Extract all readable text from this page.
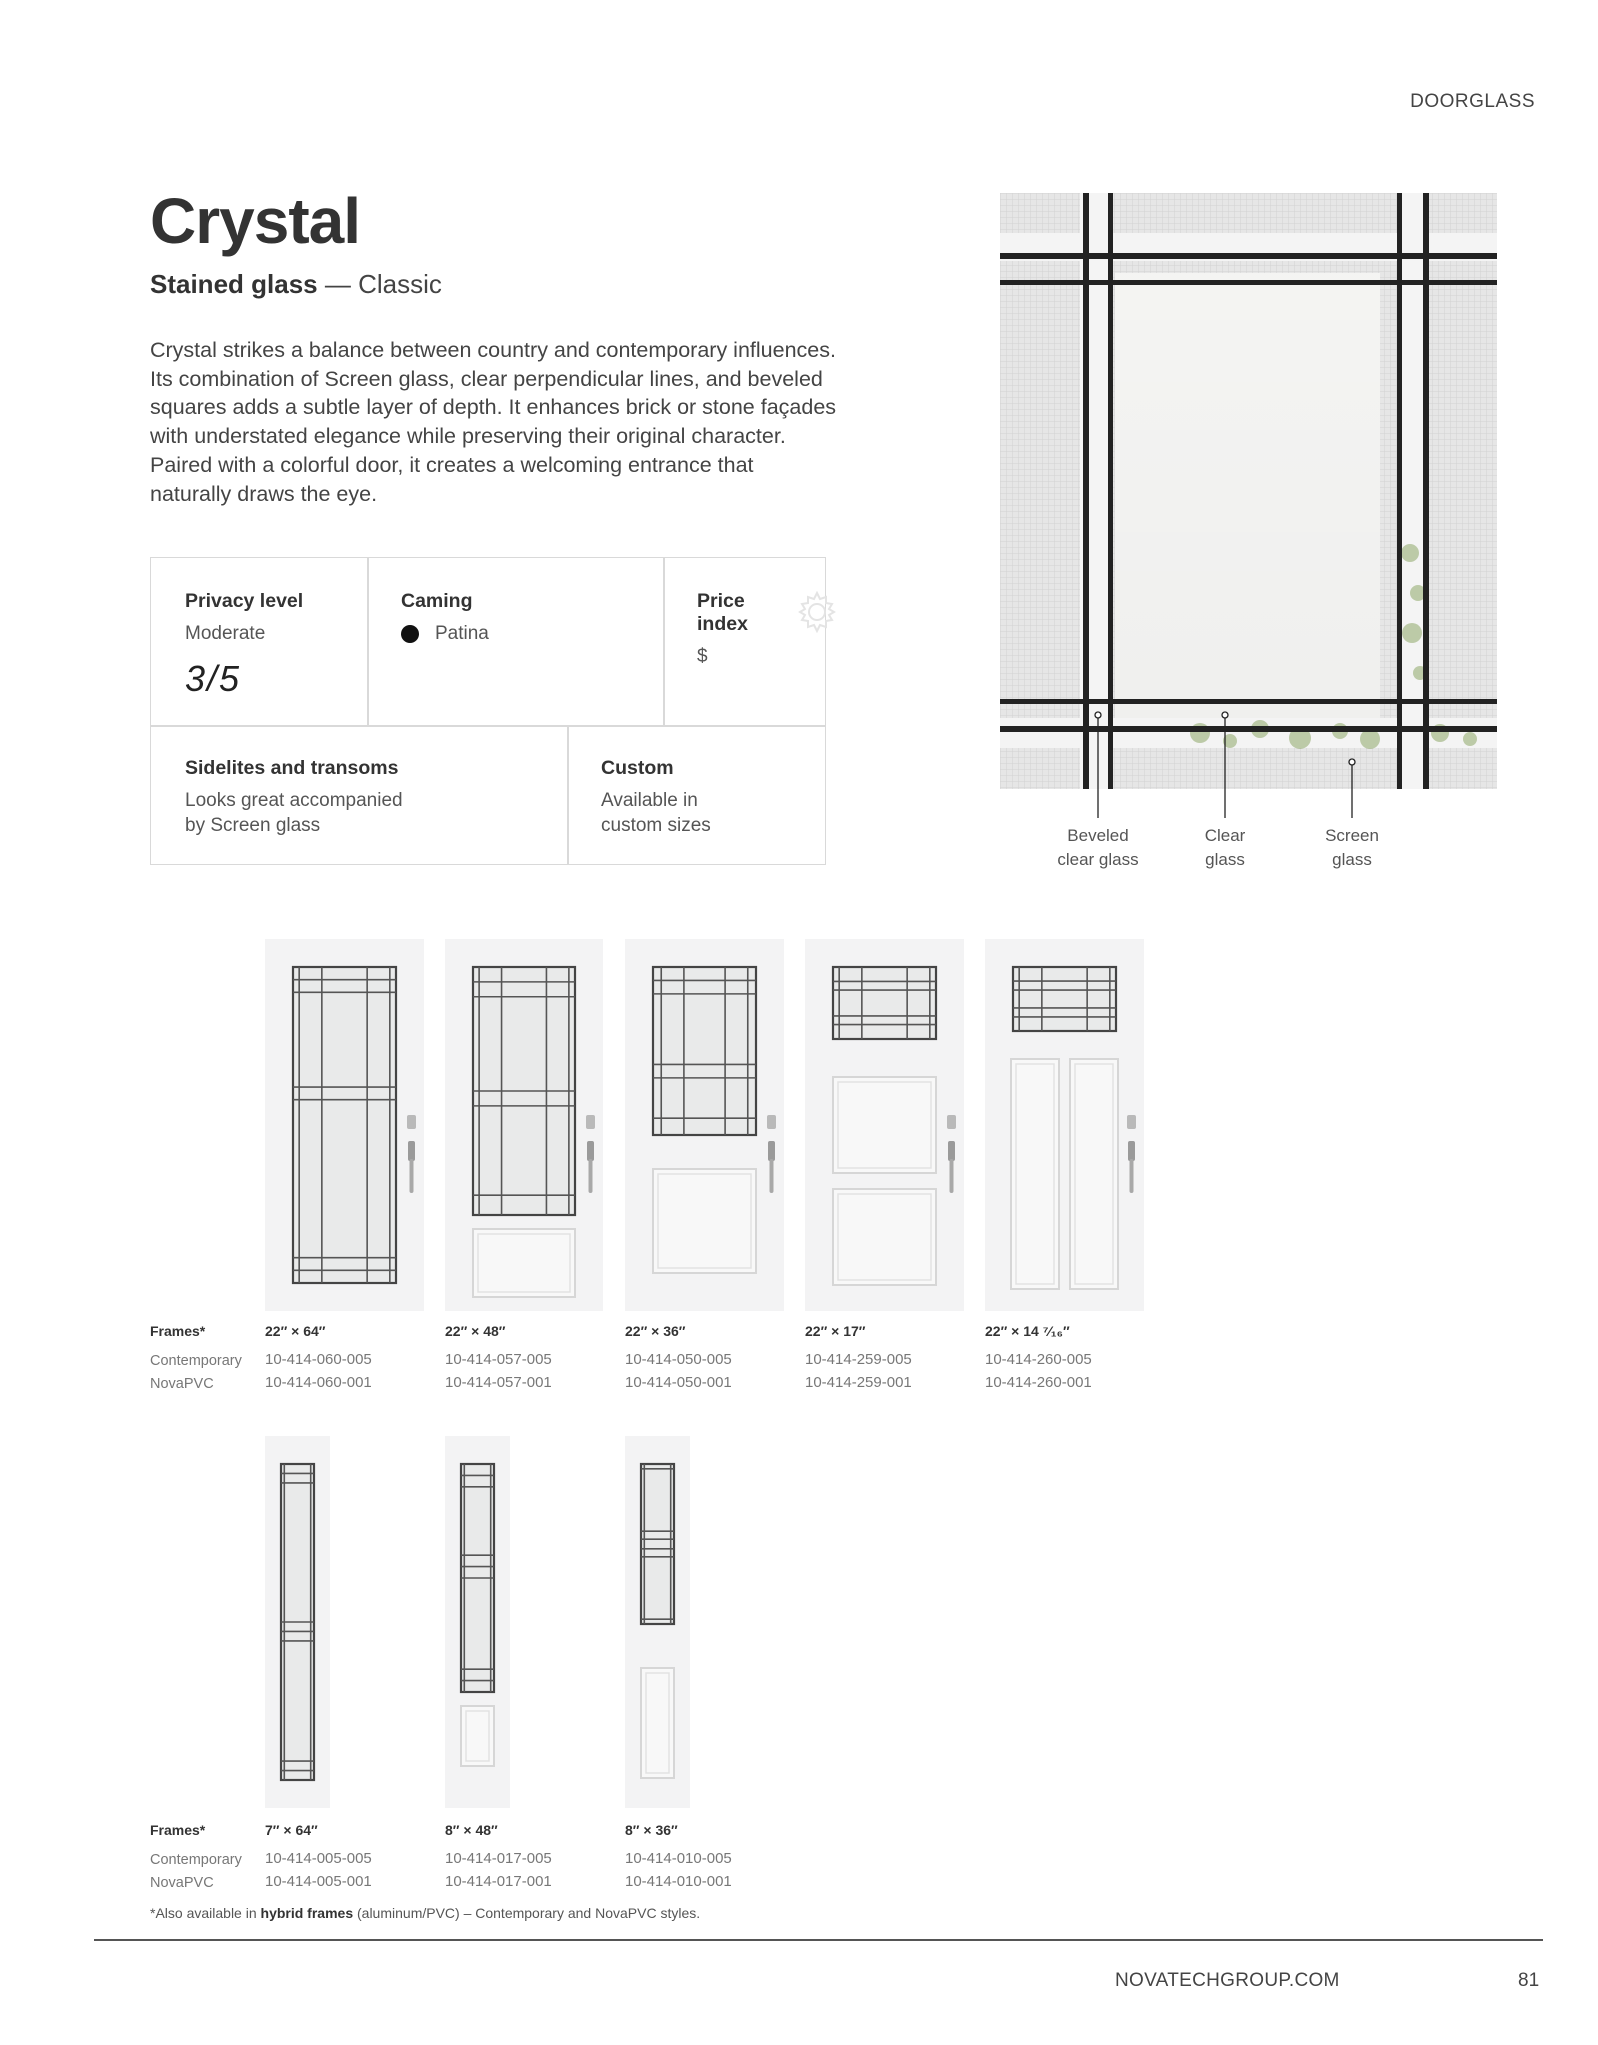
DOORGLASS
Crystal
Stained glass — Classic
Crystal strikes a balance between country and contemporary influences. Its combination of Screen glass, clear perpendicular lines, and beveled squares adds a subtle layer of depth. It enhances brick or stone façades with understated elegance while preserving their original character. Paired with a colorful door, it creates a welcoming entrance that naturally draws the eye.
Privacy level
Moderate
3/5
Caming
Patina
Price index
$
Sidelites and transoms
Looks great accompanied by Screen glass
Custom
Available in custom sizes	Beveled
clear glass
Clear
glass
Screen
glass
Frames*
Contemporary
NovaPVC
22″ × 64″
10-414-060-005
10-414-060-001
22″ × 48″
10-414-057-005
10-414-057-001
22″ × 36″
10-414-050-005
10-414-050-001
22″ × 17″
10-414-259-005
10-414-259-001
22″ × 14 ⁷⁄₁₆″
10-414-260-005
10-414-260-001
Frames*
Contemporary
NovaPVC
7″ × 64″
10-414-005-005
10-414-005-001
8″ × 48″
10-414-017-005
10-414-017-001
8″ × 36″
10-414-010-005
10-414-010-001
*Also available in hybrid frames (aluminum/PVC) – Contemporary and NovaPVC styles.
NOVATECHGROUP.COM	81
